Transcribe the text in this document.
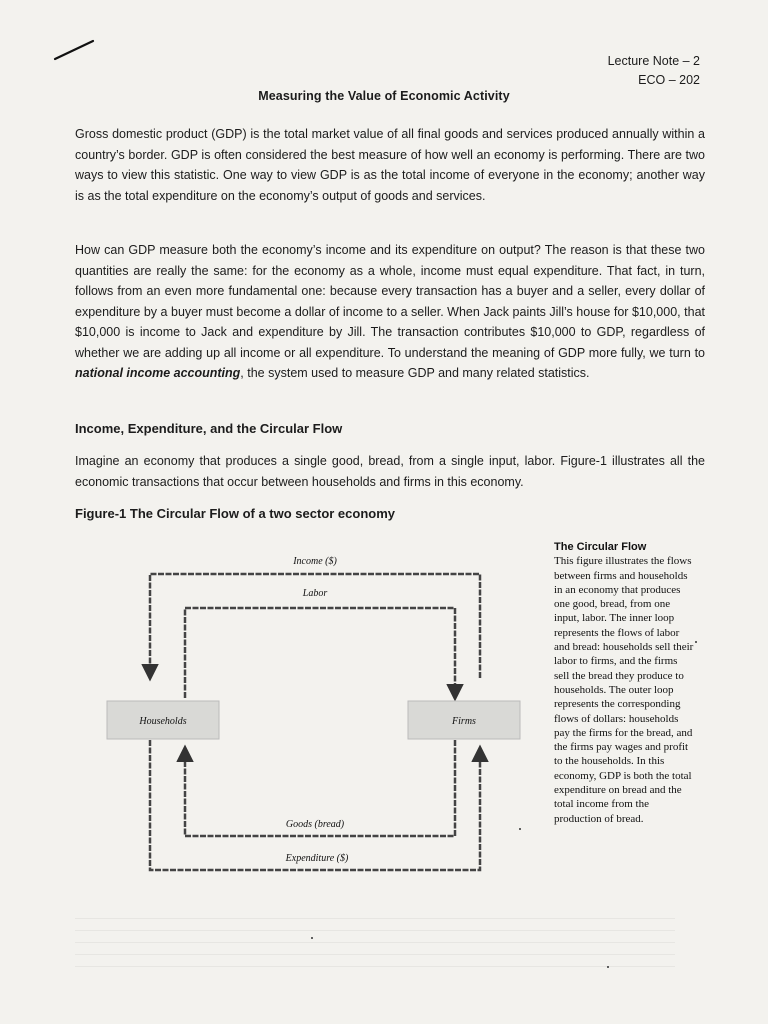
Lecture Note – 2
ECO – 202
Measuring the Value of Economic Activity
Gross domestic product (GDP) is the total market value of all final goods and services produced annually within a country’s border. GDP is often considered the best measure of how well an economy is performing. There are two ways to view this statistic. One way to view GDP is as the total income of everyone in the economy; another way is as the total expenditure on the economy’s output of goods and services.
How can GDP measure both the economy’s income and its expenditure on output? The reason is that these two quantities are really the same: for the economy as a whole, income must equal expenditure. That fact, in turn, follows from an even more fundamental one: because every transaction has a buyer and a seller, every dollar of expenditure by a buyer must become a dollar of income to a seller. When Jack paints Jill’s house for $10,000, that $10,000 is income to Jack and expenditure by Jill. The transaction contributes $10,000 to GDP, regardless of whether we are adding up all income or all expenditure. To understand the meaning of GDP more fully, we turn to national income accounting, the system used to measure GDP and many related statistics.
Income, Expenditure, and the Circular Flow
Imagine an economy that produces a single good, bread, from a single input, labor. Figure-1 illustrates all the economic transactions that occur between households and firms in this economy.
Figure-1 The Circular Flow of a two sector economy
Households	Firms
Income ($)
Labor
Goods (bread)
Expenditure ($)
The Circular Flow
This figure illustrates the flows between firms and households in an economy that produces one good, bread, from one input, labor. The inner loop represents the flows of labor and bread: households sell their labor to firms, and the firms sell the bread they produce to households. The outer loop represents the corresponding flows of dollars: households pay the firms for the bread, and the firms pay wages and profit to the households. In this economy, GDP is both the total expenditure on bread and the total income from the production of bread.
